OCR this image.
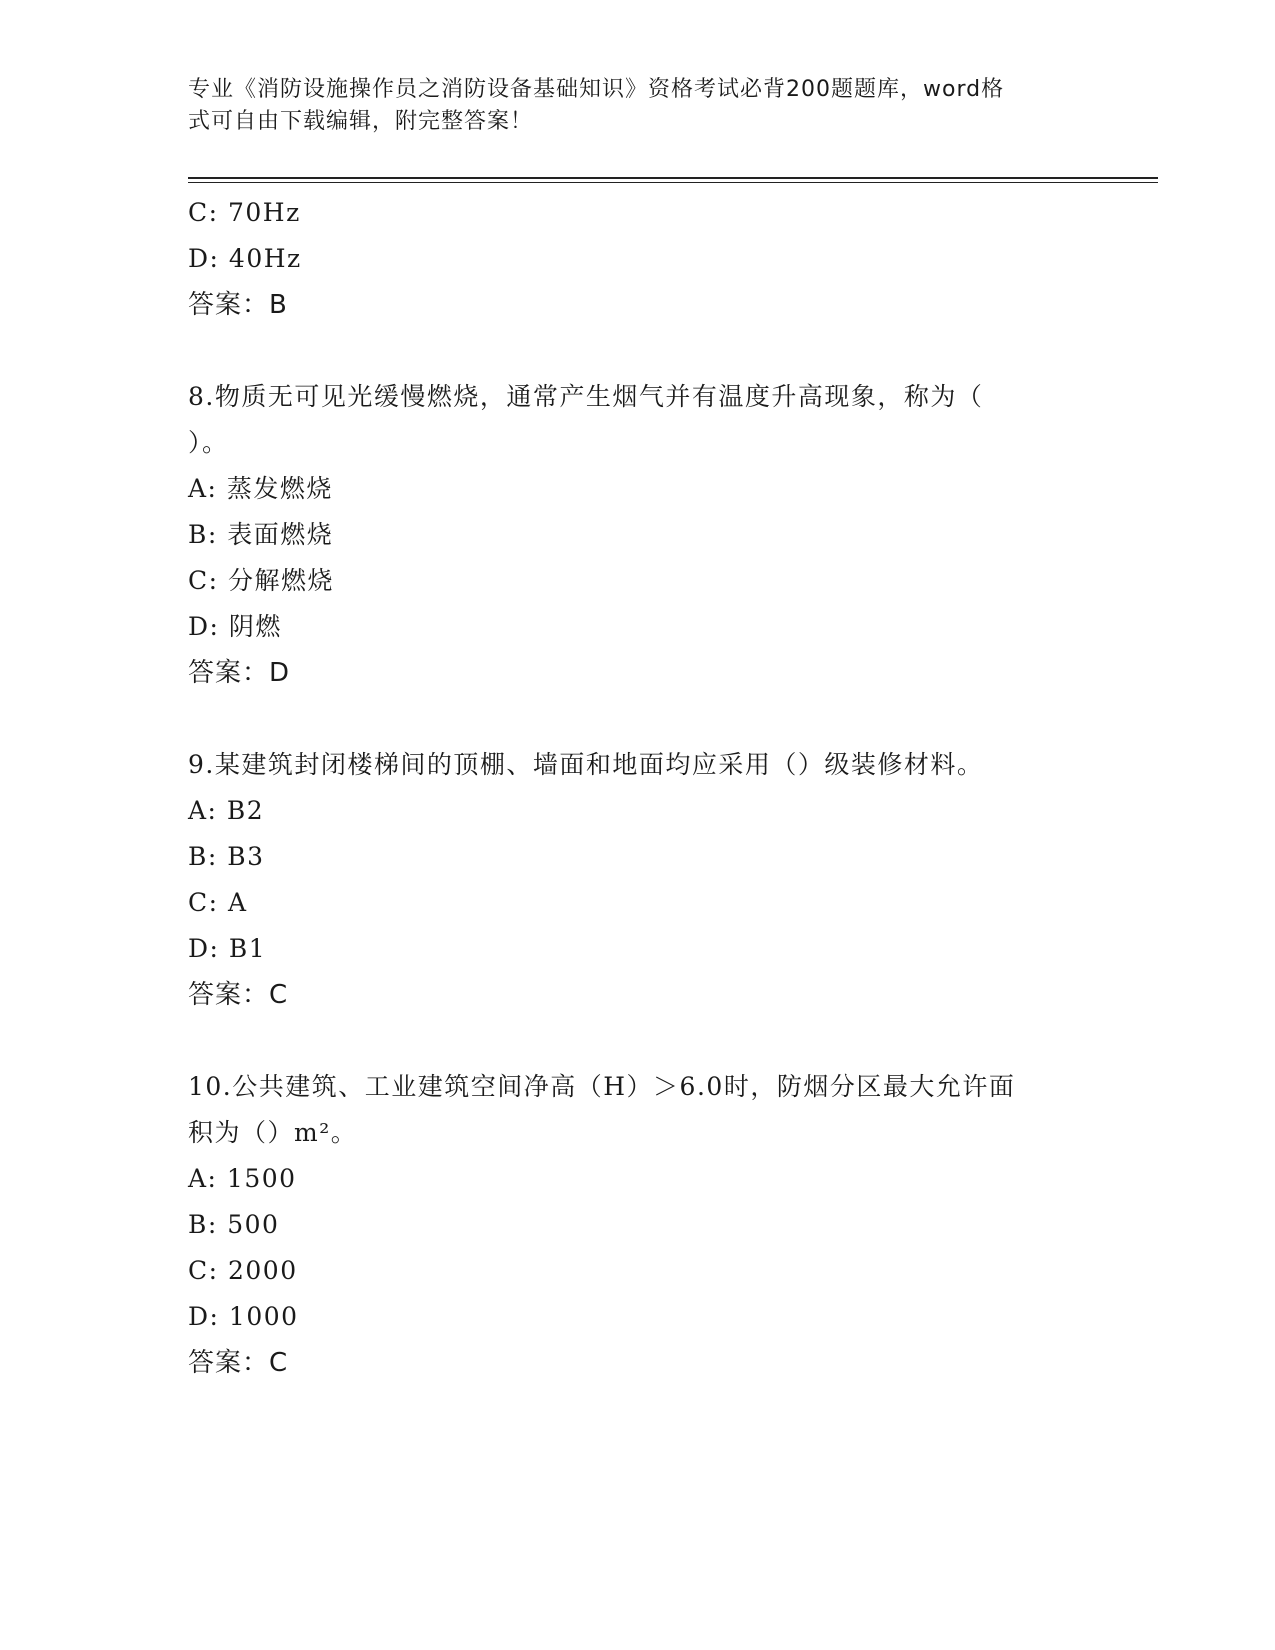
专业《消防设施操作员之消防设备基础知识》资格考试必背200题题库，word格
式可自由下载编辑，附完整答案！
C: 70Hz
D: 40Hz
答案：B
8.物质无可见光缓慢燃烧，通常产生烟气并有温度升高现象，称为（
）。
A: 蒸发燃烧
B: 表面燃烧
C: 分解燃烧
D: 阴燃
答案：D
9.某建筑封闭楼梯间的顶棚、墙面和地面均应采用（）级装修材料。
A: B2
B: B3
C: A
D: B1
答案：C
10.公共建筑、工业建筑空间净高（H）＞6.0时，防烟分区最大允许面
积为（）m²。
A: 1500
B: 500
C: 2000
D: 1000
答案：C
